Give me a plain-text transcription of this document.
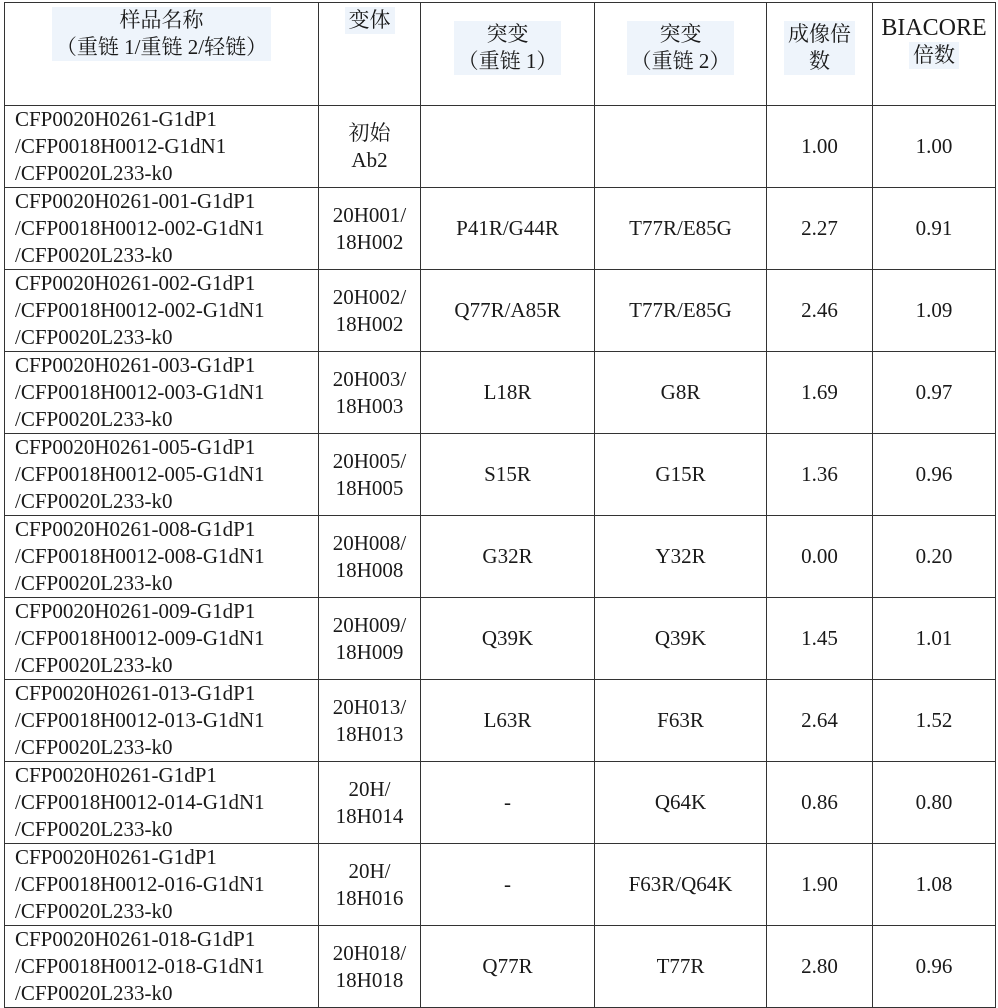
样品名称
（重链 1/重链 2/轻链）
	变体	
突变
（重链 1）

突变
（重链 2）

成像倍
数

BIACORE
倍数

CFP0020H0261-G1dP1
/CFP0018H0012-G1dN1
/CFP0020L233-k0

初始
Ab2
			1.00	1.00

CFP0020H0261-001-G1dP1
/CFP0018H0012-002-G1dN1
/CFP0020L233-k0

20H001/
18H002
	P41R/G44R	T77R/E85G	2.27	0.91

CFP0020H0261-002-G1dP1
/CFP0018H0012-002-G1dN1
/CFP0020L233-k0

20H002/
18H002
	Q77R/A85R	T77R/E85G	2.46	1.09

CFP0020H0261-003-G1dP1
/CFP0018H0012-003-G1dN1
/CFP0020L233-k0

20H003/
18H003
	L18R	G8R	1.69	0.97

CFP0020H0261-005-G1dP1
/CFP0018H0012-005-G1dN1
/CFP0020L233-k0

20H005/
18H005
	S15R	G15R	1.36	0.96

CFP0020H0261-008-G1dP1
/CFP0018H0012-008-G1dN1
/CFP0020L233-k0

20H008/
18H008
	G32R	Y32R	0.00	0.20

CFP0020H0261-009-G1dP1
/CFP0018H0012-009-G1dN1
/CFP0020L233-k0

20H009/
18H009
	Q39K	Q39K	1.45	1.01

CFP0020H0261-013-G1dP1
/CFP0018H0012-013-G1dN1
/CFP0020L233-k0

20H013/
18H013
	L63R	F63R	2.64	1.52

CFP0020H0261-G1dP1
/CFP0018H0012-014-G1dN1
/CFP0020L233-k0

20H/
18H014
	-	Q64K	0.86	0.80

CFP0020H0261-G1dP1
/CFP0018H0012-016-G1dN1
/CFP0020L233-k0

20H/
18H016
	-	F63R/Q64K	1.90	1.08

CFP0020H0261-018-G1dP1
/CFP0018H0012-018-G1dN1
/CFP0020L233-k0

20H018/
18H018
	Q77R	T77R	2.80	0.96
